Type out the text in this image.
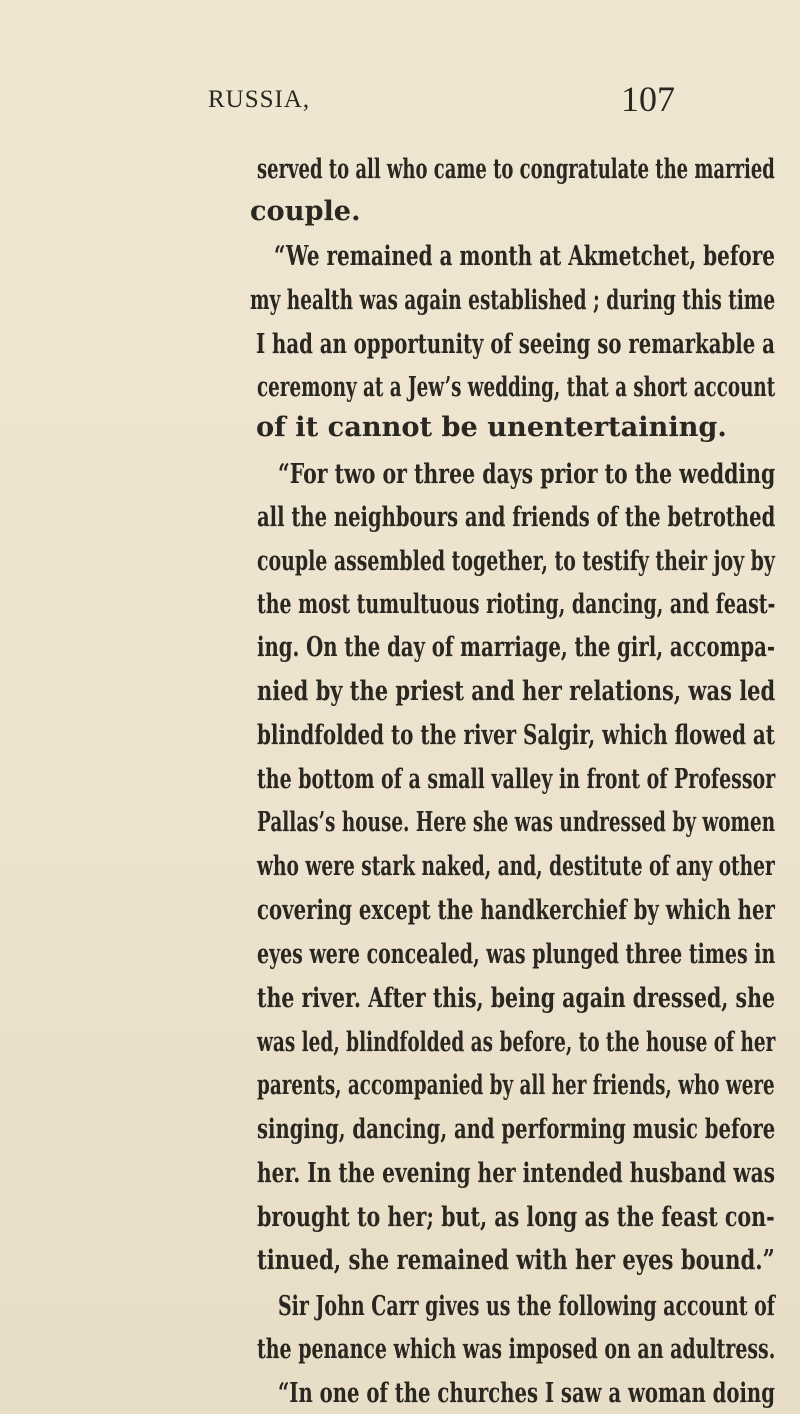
RUSSIA,	107
served to all who came to congratulate the married
couple.
“We remained a month at Akmetchet, before
my health was again established ; during this time
I had an opportunity of seeing so remarkable a
ceremony at a Jew’s wedding, that a short account
of it cannot be unentertaining.
“For two or three days prior to the wedding
all the neighbours and friends of the betrothed
couple assembled together, to testify their joy by
the most tumultuous rioting, dancing, and feast-
ing. On the day of marriage, the girl, accompa-
nied by the priest and her relations, was led
blindfolded to the river Salgir, which flowed at
the bottom of a small valley in front of Professor
Pallas’s house. Here she was undressed by women
who were stark naked, and, destitute of any other
covering except the handkerchief by which her
eyes were concealed, was plunged three times in
the river. After this, being again dressed, she
was led, blindfolded as before, to the house of her
parents, accompanied by all her friends, who were
singing, dancing, and performing music before
her. In the evening her intended husband was
brought to her; but, as long as the feast con-
tinued, she remained with her eyes bound.”
Sir John Carr gives us the following account of
the penance which was imposed on an adultress.
“In one of the churches I saw a woman doing
